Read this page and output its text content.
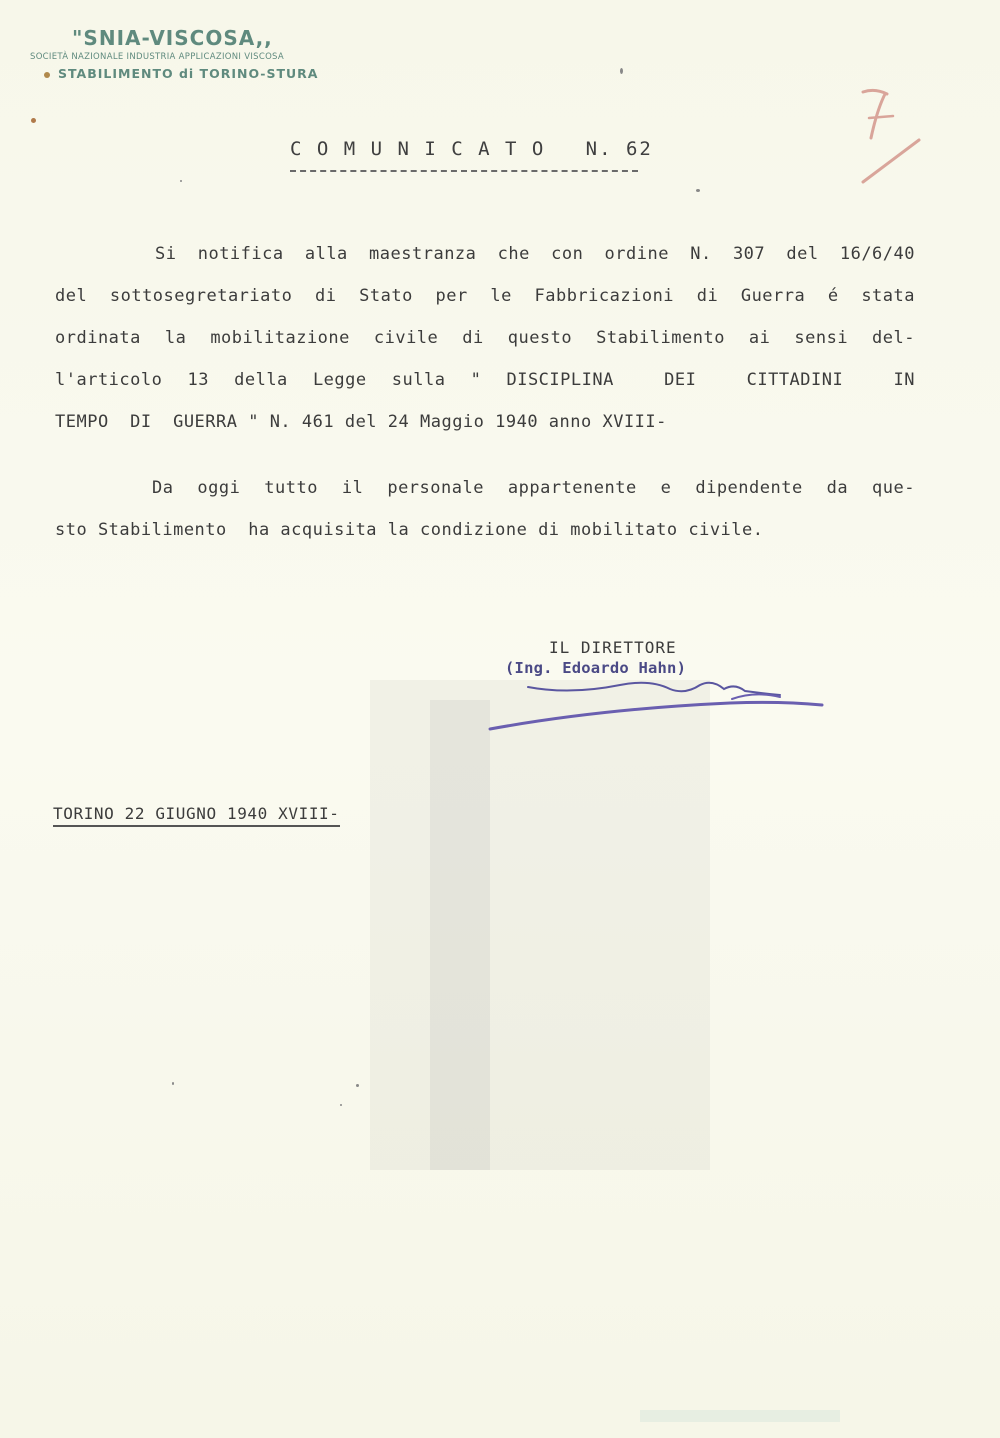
"SNIA-VISCOSA,,
SOCIETÀ NAZIONALE INDUSTRIA APPLICAZIONI VISCOSA
STABILIMENTO di TORINO-STURA
C O M U N I C A T O   N. 62
Si notifica alla maestranza che con ordine N. 307 del 16/6/40
del sottosegretariato di Stato per le Fabbricazioni di Guerra é stata
ordinata la mobilitazione civile di questo Stabilimento ai sensi del-
l'articolo 13 della Legge sulla " DISCIPLINA  DEI  CITTADINI  IN
TEMPO  DI  GUERRA " N. 461 del 24 Maggio 1940 anno XVIII-
Da oggi tutto il personale appartenente e dipendente da que-
sto Stabilimento  ha acquisita la condizione di mobilitato civile.
IL DIRETTORE
(Ing. Edoardo Hahn)
TORINO 22 GIUGNO 1940 XVIII-
